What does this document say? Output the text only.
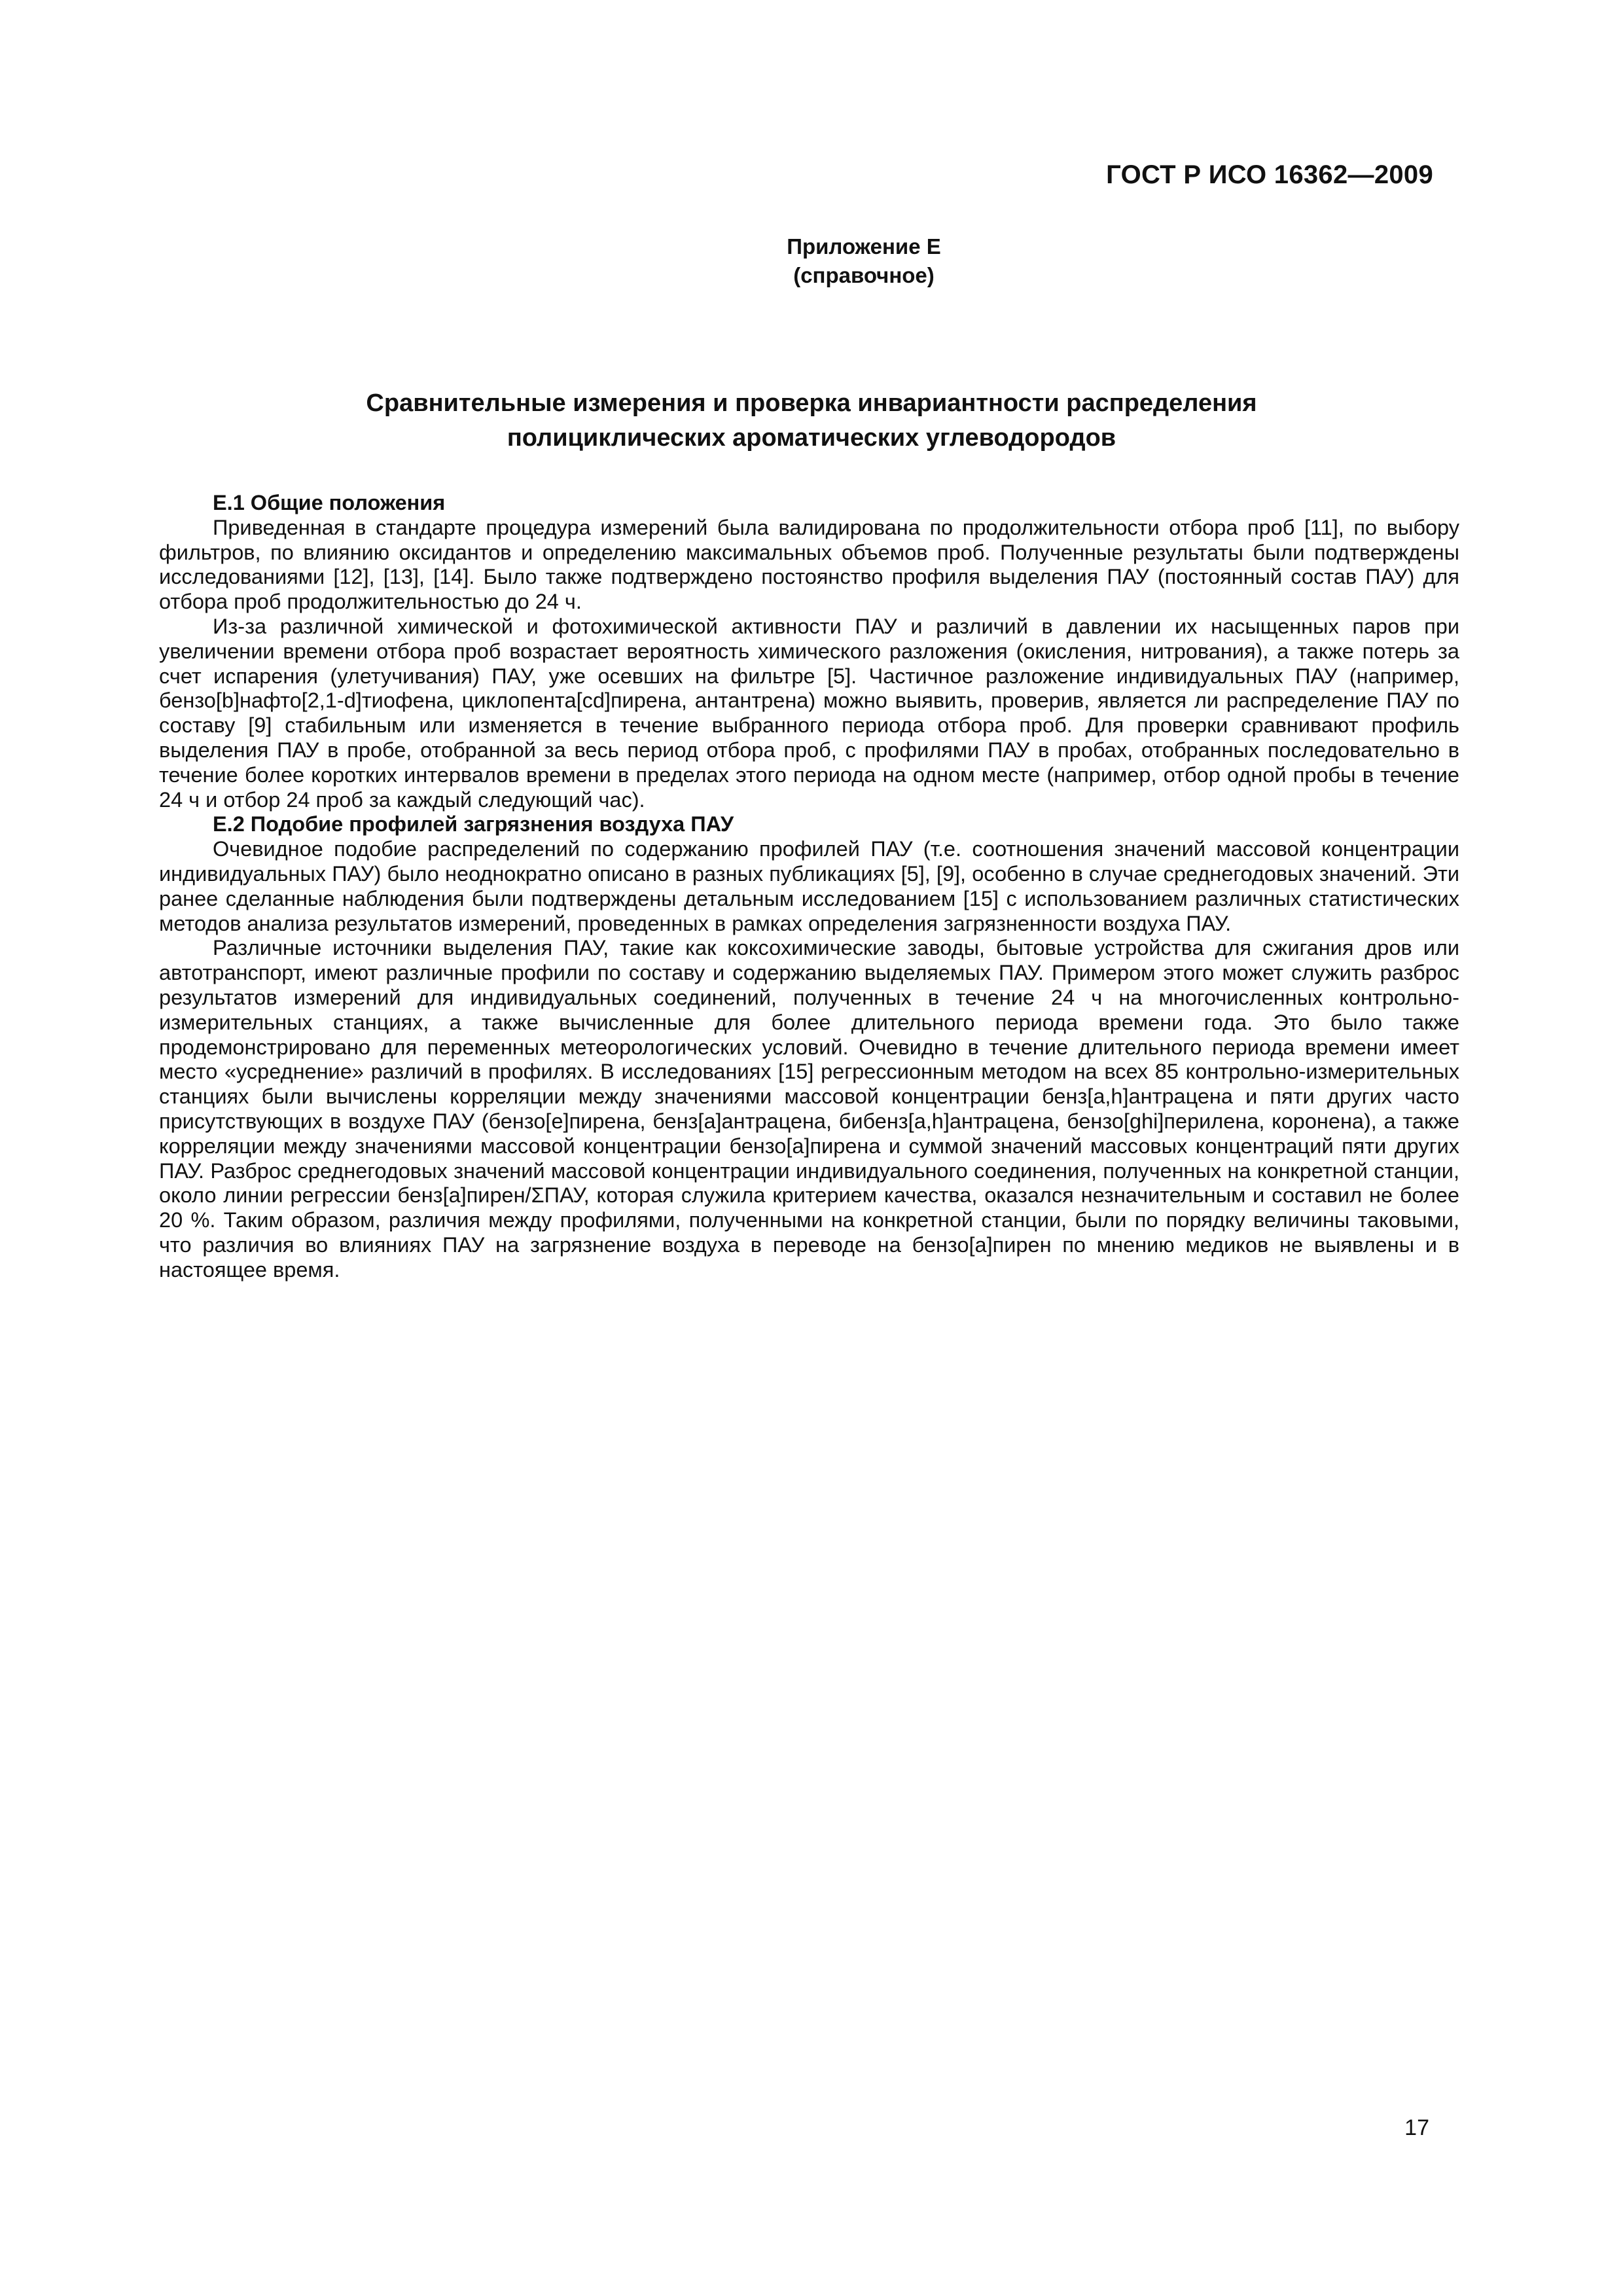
ГОСТ Р ИСО 16362—2009
Приложение Е
(справочное)
Сравнительные измерения и проверка инвариантности распределения
полициклических ароматических углеводородов

Е.1 Общие положения

Приведенная в стандарте процедура измерений была валидирована по продолжительности отбора проб [11], по выбору фильтров, по влиянию оксидантов и определению максимальных объемов проб. Полученные результаты были подтверждены исследованиями [12], [13], [14]. Было также подтверждено постоянство профиля выделения ПАУ (постоянный состав ПАУ) для отбора проб продолжительностью до 24 ч.

Из-за различной химической и фотохимической активности ПАУ и различий в давлении их насыщенных паров при увеличении времени отбора проб возрастает вероятность химического разложения (окисления, нитрования), а также потерь за счет испарения (улетучивания) ПАУ, уже осевших на фильтре [5]. Частичное разложение индивидуальных ПАУ (например, бензо[b]нафто[2,1-d]тиофена, циклопента[cd]пирена, антантрена) можно выявить, проверив, является ли распределение ПАУ по составу [9] стабильным или изменяется в течение выбранного периода отбора проб. Для проверки сравнивают профиль выделения ПАУ в пробе, отобранной за весь период отбора проб, с профилями ПАУ в пробах, отобранных последовательно в течение более коротких интервалов времени в пределах этого периода на одном месте (например, отбор одной пробы в течение 24 ч и отбор 24 проб за каждый следующий час).

Е.2 Подобие профилей загрязнения воздуха ПАУ

Очевидное подобие распределений по содержанию профилей ПАУ (т.е. соотношения значений массовой концентрации индивидуальных ПАУ) было неоднократно описано в разных публикациях [5], [9], особенно в случае среднегодовых значений. Эти ранее сделанные наблюдения были подтверждены детальным исследованием [15] с использованием различных статистических методов анализа результатов измерений, проведенных в рамках определения загрязненности воздуха ПАУ.

Различные источники выделения ПАУ, такие как коксохимические заводы, бытовые устройства для сжигания дров или автотранспорт, имеют различные профили по составу и содержанию выделяемых ПАУ. Примером этого может служить разброс результатов измерений для индивидуальных соединений, полученных в течение 24 ч на многочисленных контрольно-измерительных станциях, а также вычисленные для более длительного периода времени года. Это было также продемонстрировано для переменных метеорологических условий. Очевидно в течение длительного периода времени имеет место «усреднение» различий в профилях. В исследованиях [15] регрессионным методом на всех 85 контрольно-измерительных станциях были вычислены корреляции между значениями массовой концентрации бенз[a,h]антрацена и пяти других часто присутствующих в воздухе ПАУ (бензо[e]пирена, бенз[a]антрацена, бибенз[a,h]антрацена, бензо[ghi]перилена, коронена), а также корреляции между значениями массовой концентрации бензо[a]пирена и суммой значений массовых концентраций пяти других ПАУ. Разброс среднегодовых значений массовой концентрации индивидуального соединения, полученных на конкретной станции, около линии регрессии бенз[a]пирен/ΣПАУ, которая служила критерием качества, оказался незначительным и составил не более 20 %. Таким образом, различия между профилями, полученными на конкретной станции, были по порядку величины таковыми, что различия во влияниях ПАУ на загрязнение воздуха в переводе на бензо[a]пирен по мнению медиков не выявлены и в настоящее время.

17
